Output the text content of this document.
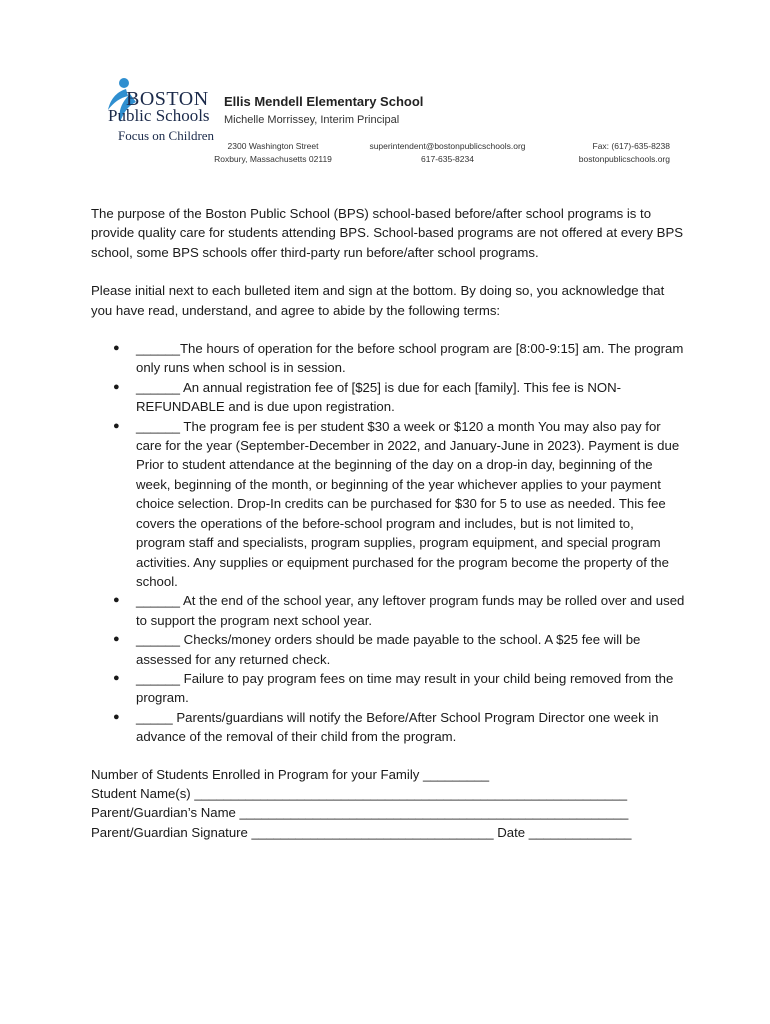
BOSTON
Public Schools
Focus on Children
Ellis Mendell Elementary School
Michelle Morrissey, Interim Principal
2300 Washington Street
Roxbury, Massachusetts 02119
superintendent@bostonpublicschools.org
617-635-8234
Fax: (617)-635-8238
bostonpublicschools.org

The purpose of the Boston Public School (BPS) school-based before/after school programs is to provide quality care for students attending BPS. School-based programs are not offered at every BPS school, some BPS schools offer third-party run before/after school programs.

Please initial next to each bulleted item and sign at the bottom. By doing so, you acknowledge that you have read, understand, and agree to abide by the following terms:

● ______The hours of operation for the before school program are [8:00-9:15] am. The program only runs when school is in session.
● ______ An annual registration fee of [$25] is due for each [family]. This fee is NON-REFUNDABLE and is due upon registration.
● ______ The program fee is per student $30 a week or $120 a month You may also pay for care for the year (September-December in 2022, and January-June in 2023). Payment is due Prior to student attendance at the beginning of the day on a drop-in day, beginning of the week, beginning of the month, or beginning of the year whichever applies to your payment choice selection. Drop-In credits can be purchased for $30 for 5 to use as needed. This fee covers the operations of the before-school program and includes, but is not limited to, program staff and specialists, program supplies, program equipment, and special program activities. Any supplies or equipment purchased for the program become the property of the school.
● ______ At the end of the school year, any leftover program funds may be rolled over and used to support the program next school year.
● ______ Checks/money orders should be made payable to the school. A $25 fee will be assessed for any returned check.
● ______ Failure to pay program fees on time may result in your child being removed from the program.
● _____ Parents/guardians will notify the Before/After School Program Director one week in advance of the removal of their child from the program.

Number of Students Enrolled in Program for your Family _________

Student Name(s) ___________________________________________________________

Parent/Guardian’s Name _____________________________________________________

Parent/Guardian Signature _________________________________ Date ______________
